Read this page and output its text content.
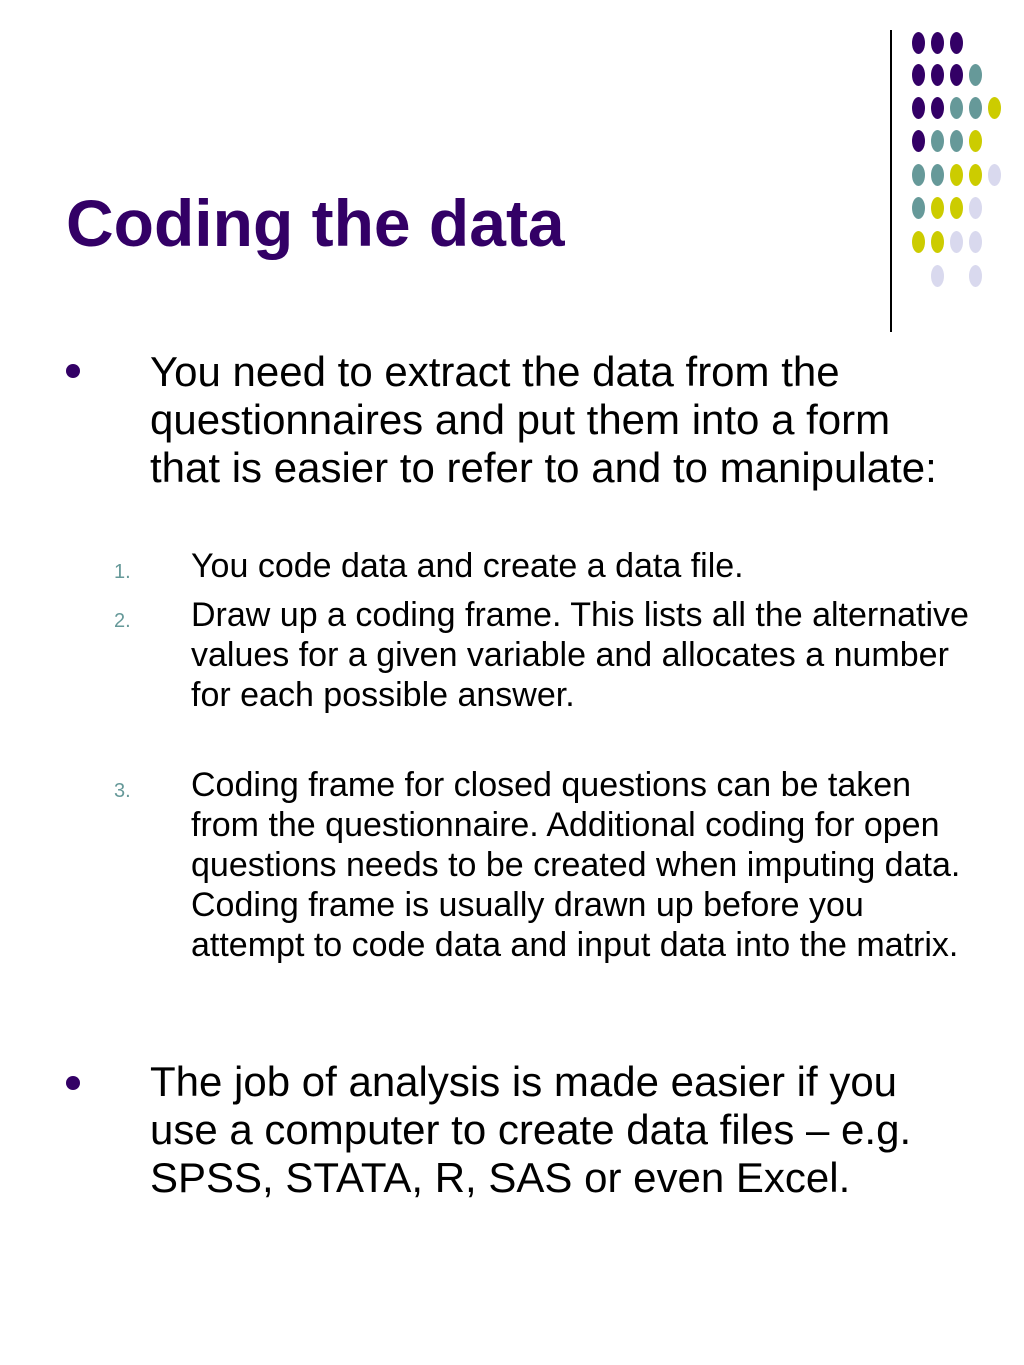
Coding the data

You need to extract the data from the questionnaires and put them into a form that is easier to refer to and to manipulate:

1. You code data and create a data file.

2. Draw up a coding frame. This lists all the alternative values for a given variable and allocates a number for each possible answer.

3. Coding frame for closed questions can be taken from the questionnaire. Additional coding for open questions needs to be created when imputing data. Coding frame is usually drawn up before you attempt to code data and input data into the matrix.

The job of analysis is made easier if you use a computer to create data files – e.g. SPSS, STATA, R, SAS or even Excel.
